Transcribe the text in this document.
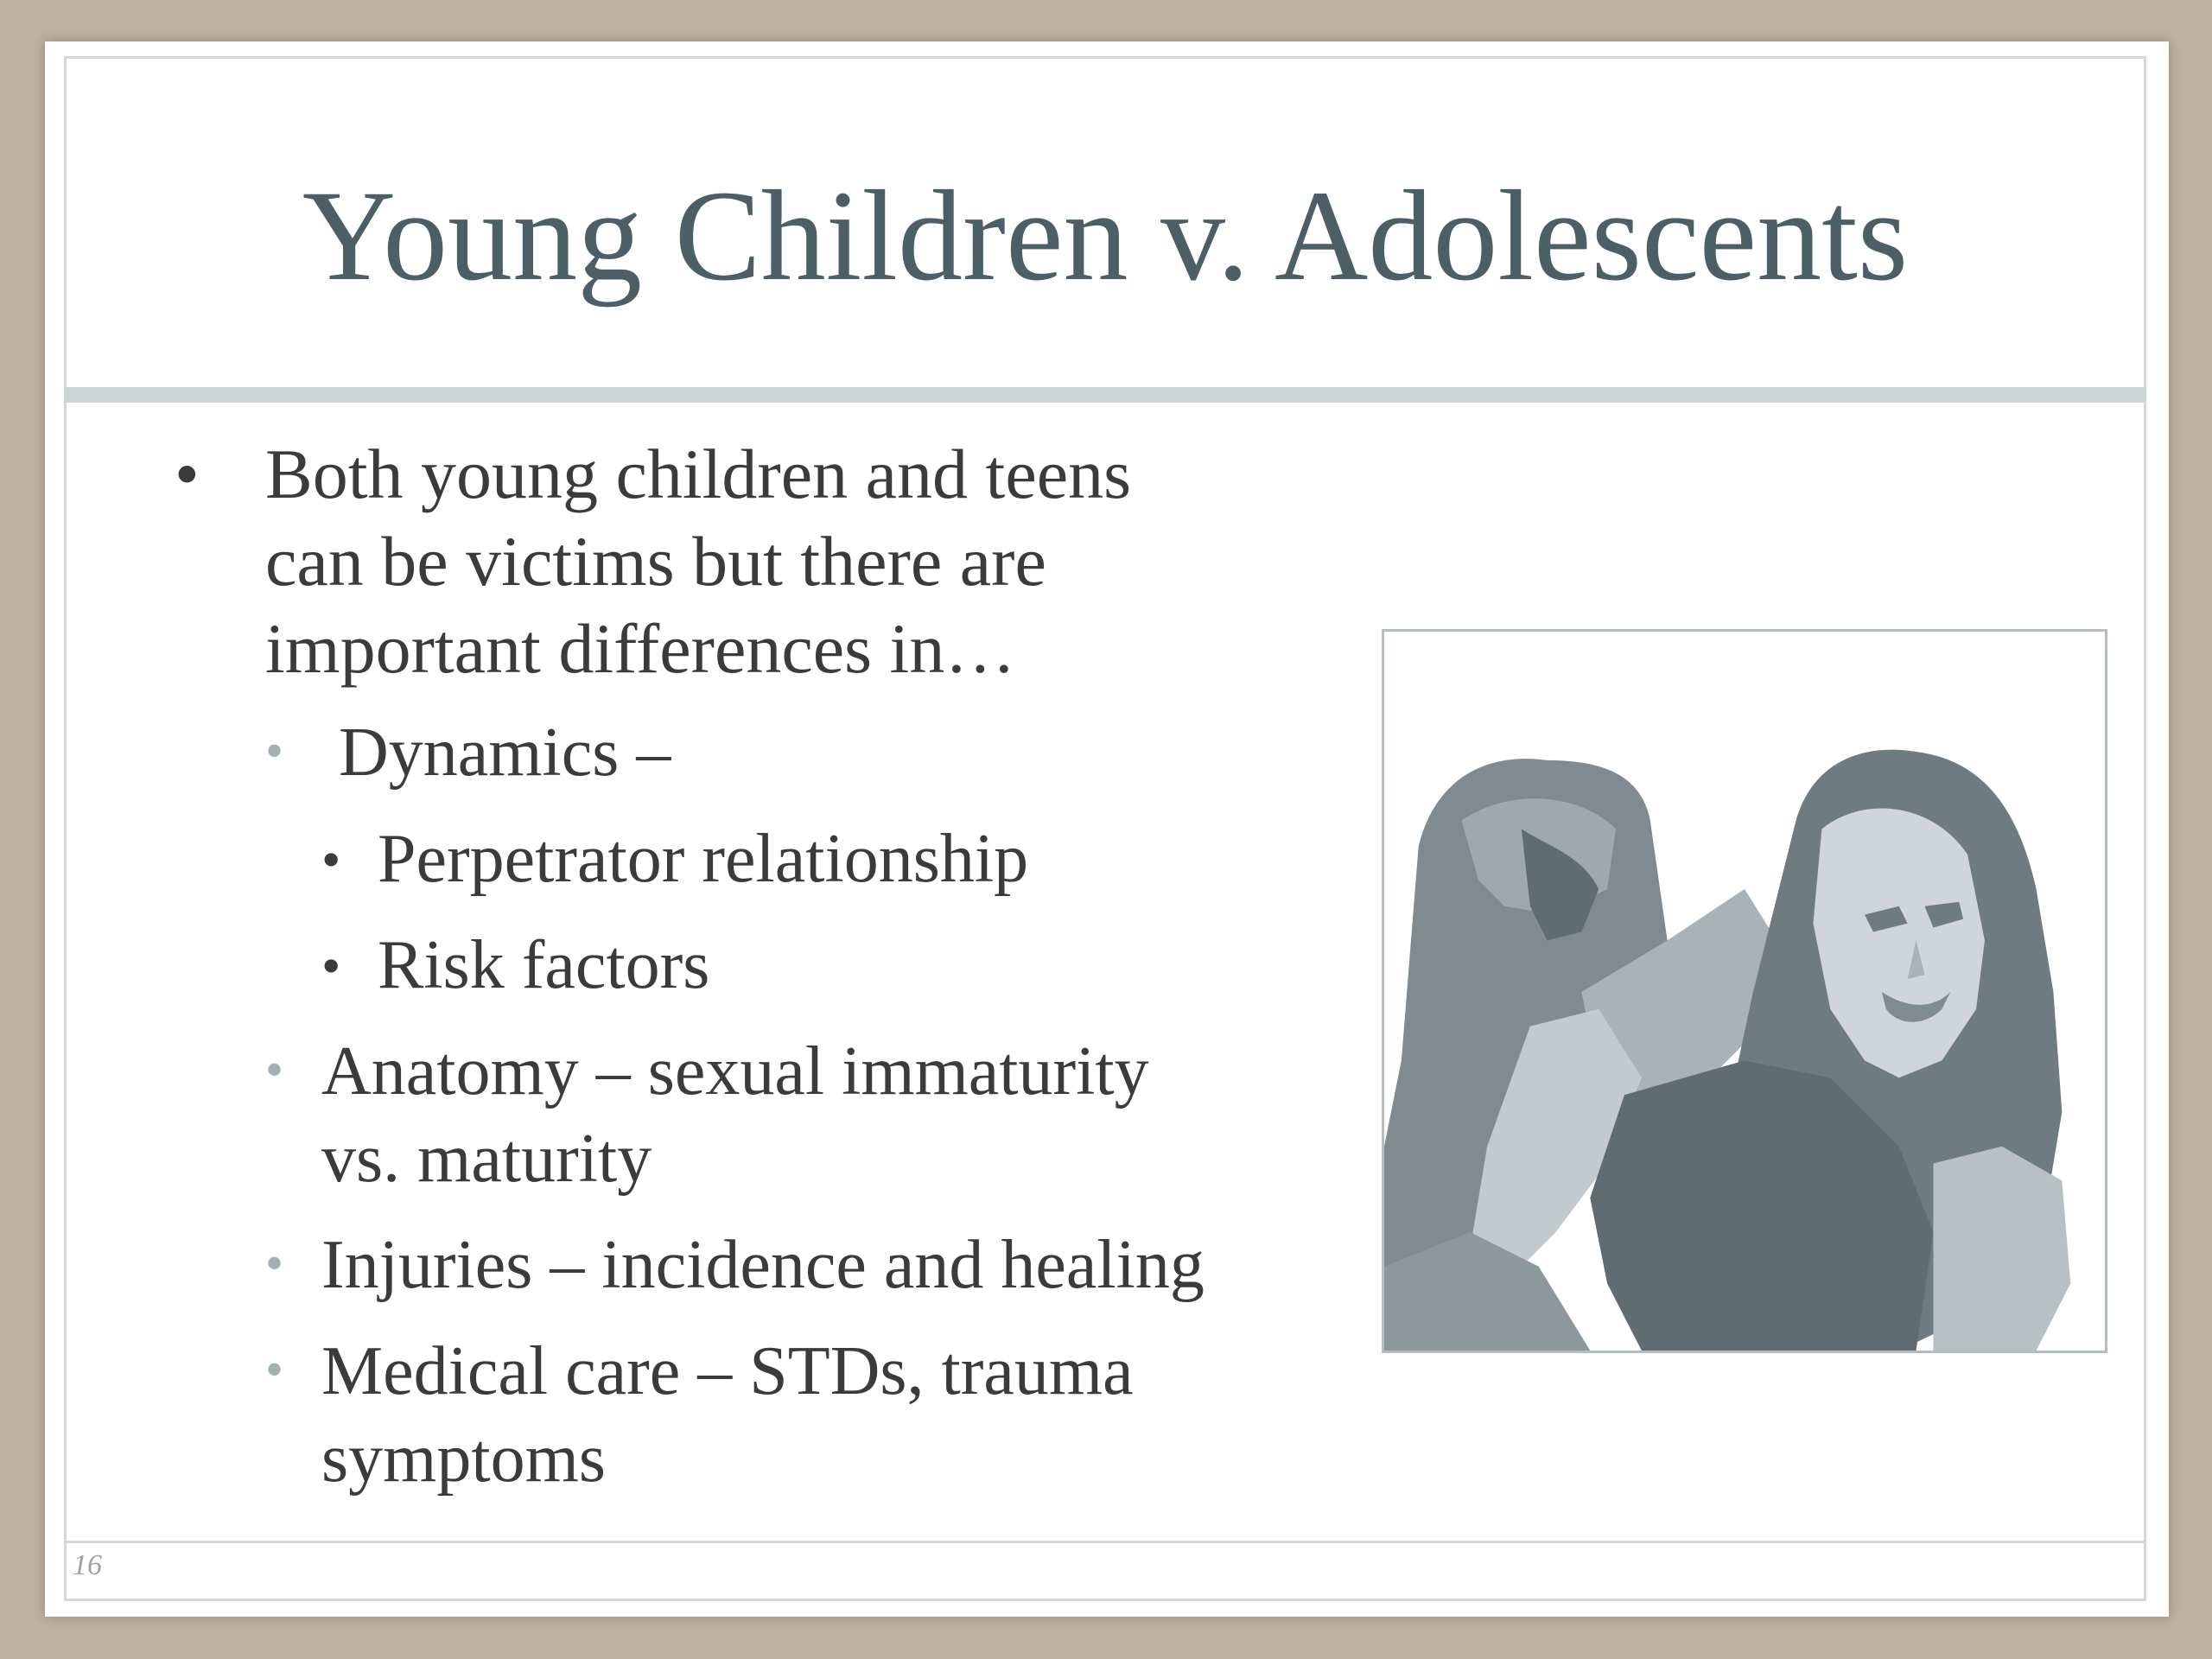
Young Children v. Adolescents
• Both young children and teens
can be victims but there are
important differences in…
• Dynamics –
• Perpetrator relationship
• Risk factors
• Anatomy – sexual immaturity
vs. maturity
• Injuries – incidence and healing
• Medical care – STDs, trauma
symptoms
16
